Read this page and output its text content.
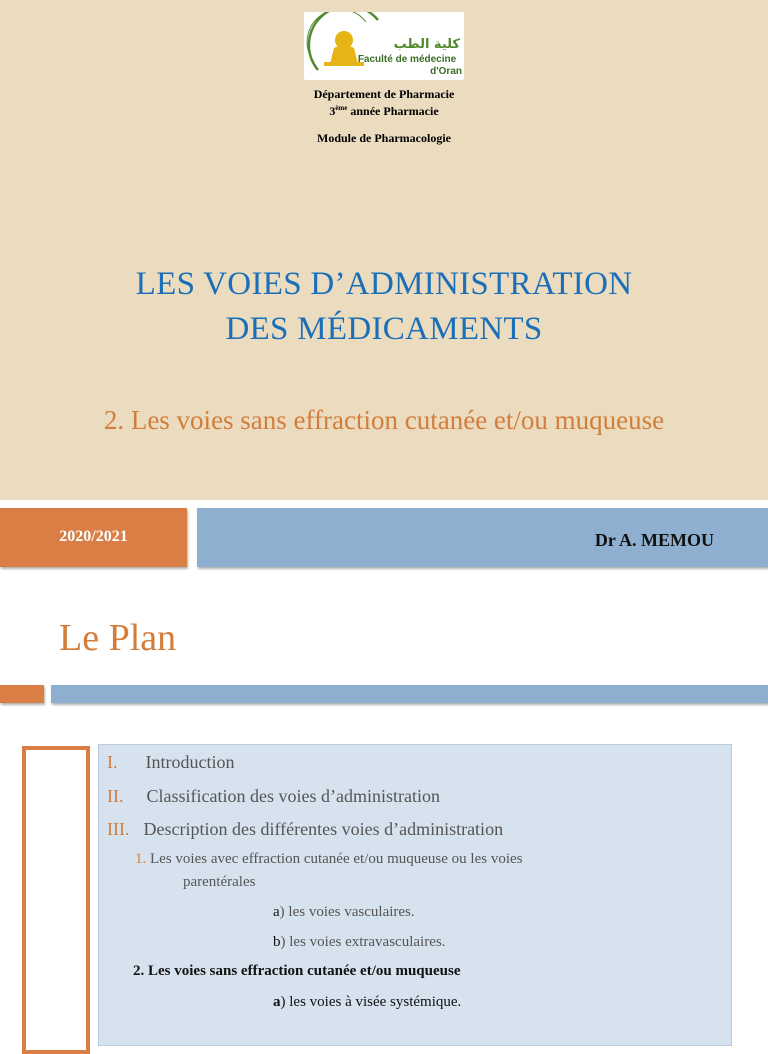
كلية الطب
Faculté de médecine
d'Oran
Département de Pharmacie
3ème année Pharmacie
Module de Pharmacologie
LES VOIES D’ADMINISTRATION
DES MÉDICAMENTS
2. Les voies sans effraction cutanée et/ou muqueuse
2020/2021	Dr A. MEMOU
Le Plan
I. Introduction
II. Classification des voies d’administration
III. Description des différentes voies d’administration
1. Les voies avec effraction cutanée et/ou muqueuse ou les voies
parentérales
a) les voies vasculaires.
b) les voies extravasculaires.
2. Les voies sans effraction cutanée et/ou muqueuse
a) les voies à visée systémique.
